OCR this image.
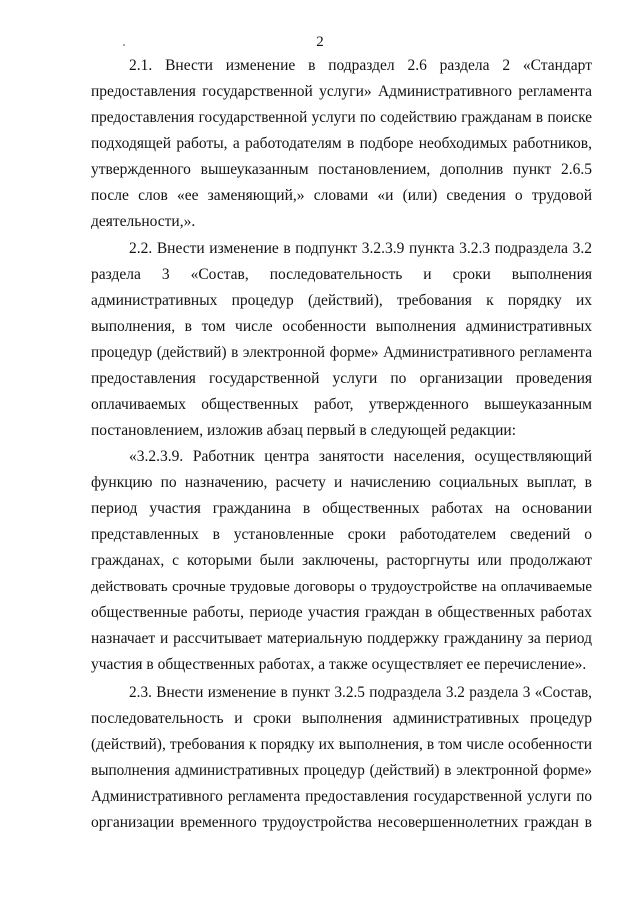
2
2.1. Внести изменение в подраздел 2.6 раздела 2 «Стандарт
предоставления государственной услуги» Административного регламента
предоставления государственной услуги по содействию гражданам в поиске
подходящей работы, а работодателям в подборе необходимых работников,
утвержденного вышеуказанным постановлением, дополнив пункт 2.6.5
после слов «ее заменяющий,» словами «и (или) сведения о трудовой
деятельности,».
2.2. Внести изменение в подпункт 3.2.3.9 пункта 3.2.3 подраздела 3.2
раздела 3 «Состав, последовательность и сроки выполнения
административных процедур (действий), требования к порядку их
выполнения, в том числе особенности выполнения административных
процедур (действий) в электронной форме» Административного регламента
предоставления государственной услуги по организации проведения
оплачиваемых общественных работ, утвержденного вышеуказанным
постановлением, изложив абзац первый в следующей редакции:
«3.2.3.9. Работник центра занятости населения, осуществляющий
функцию по назначению, расчету и начислению социальных выплат, в
период участия гражданина в общественных работах на основании
представленных в установленные сроки работодателем сведений о
гражданах, с которыми были заключены, расторгнуты или продолжают
действовать срочные трудовые договоры о трудоустройстве на оплачиваемые
общественные работы, периоде участия граждан в общественных работах
назначает и рассчитывает материальную поддержку гражданину за период
участия в общественных работах, а также осуществляет ее перечисление».
2.3. Внести изменение в пункт 3.2.5 подраздела 3.2 раздела 3 «Состав,
последовательность и сроки выполнения административных процедур
(действий), требования к порядку их выполнения, в том числе особенности
выполнения административных процедур (действий) в электронной форме»
Административного регламента предоставления государственной услуги по
организации временного трудоустройства несовершеннолетних граждан в
